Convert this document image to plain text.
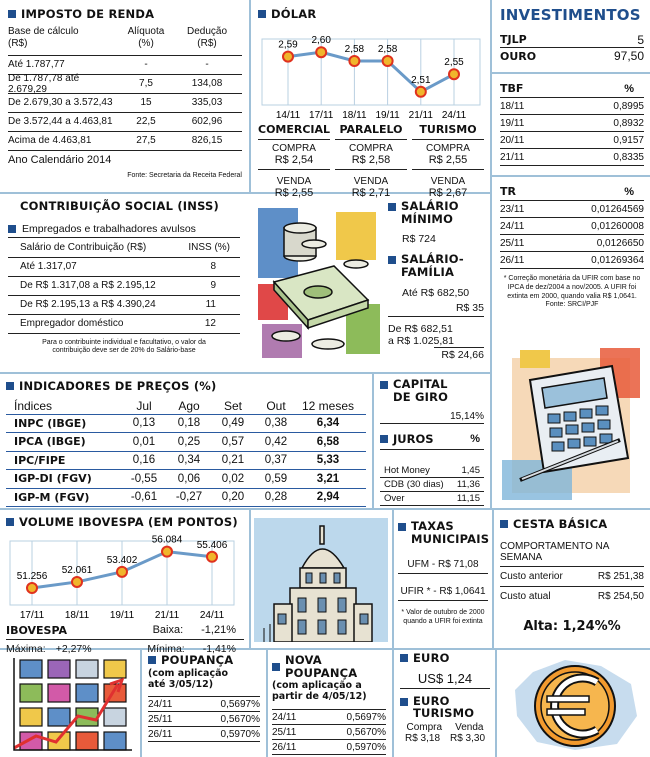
IMPOSTO DE RENDA
Base de cálculo
(R$)
Alíquota
(%)
Dedução
(R$)
Até 1.787,77	-	-
De 1.787,78 até 2.679,29	7,5	134,08
De 2.679,30 a 3.572,43	15	335,03
De 3.572,44 a 4.463,81	22,5	602,96
Acima de 4.463,81	27,5	826,15
Ano Calendário 2014
Fonte: Secretaria da Receita Federal
DÓLAR
2,59
14/11
2,60
17/11
2,58
18/11
2,58
19/11
2,51
21/11
2,55
24/11
COMERCIAL
COMPRA
R$ 2,54
VENDA
R$ 2,55
PARALELO
COMPRA
R$ 2,58
VENDA
R$ 2,71
TURISMO
COMPRA
R$ 2,55
VENDA
R$ 2,67
INVESTIMENTOS
TJLP	5
OURO	97,50
TBF	%
18/11	0,8995
19/11	0,8932
20/11	0,9157
21/11	0,8335
TR	%
23/11	0,01264569
24/11	0,01260008
25/11	0,0126650
26/11	0,01269364
* Correção monetária da UFIR com base no IPCA de dez/2004 a nov/2005. A UFIR foi extinta em 2000, quando valia R$ 1,0641.
Fonte: SRCI/PJF
CONTRIBUIÇÃO SOCIAL (INSS)
Empregados e trabalhadores avulsos
Salário de Contribuição (R$)	INSS (%)
Até 1.317,07	8
De R$ 1.317,08 a R$ 2.195,12	9
De R$ 2.195,13 a R$ 4.390,24	11
Empregador doméstico	12
Para o contribuinte individual e facultativo, o valor da contribuição deve ser de 20% do Salário-base
SALÁRIO MÍNIMO
R$ 724
SALÁRIO-FAMÍLIA
Até R$ 682,50
R$ 35
De R$ 682,51
a R$ 1.025,81
R$ 24,66
INDICADORES DE PREÇOS (%)
Índices	Jul	Ago	Set	Out	12 meses
INPC (IBGE)	0,13	0,18	0,49	0,38	6,34
IPCA (IBGE)	0,01	0,25	0,57	0,42	6,58
IPC/FIPE	0,16	0,34	0,21	0,37	5,33
IGP-DI (FGV)	-0,55	0,06	0,02	0,59	3,21
IGP-M (FGV)	-0,61	-0,27	0,20	0,28	2,94
CAPITAL DE GIRO
15,14%
JUROS	%
Hot Money	1,45
CDB (30 dias) 11,36
Over	11,15
VOLUME IBOVESPA (EM PONTOS)
51.256
17/11
52.061
18/11
53.402
19/11
56.084
21/11
55.406
24/11
IBOVESPA	Baixa: -1,21%
Máxima: +2,27%	Mínima: -1,41%
TAXAS MUNICIPAIS
UFM - R$ 71,08
UFIR * - R$ 1,0641
* Valor de outubro de 2000 quando a UFIR foi extinta
CESTA BÁSICA
COMPORTAMENTO NA SEMANA
Custo anterior	R$ 251,38
Custo atual	R$ 254,50
Alta: 1,24%%
POUPANÇA
(com aplicação até 3/05/12)
24/11	0,5697%
25/11	0,5670%
26/11	0,5970%
NOVA POUPANÇA
(com aplicação a partir de 4/05/12)
24/11	0,5697%
25/11	0,5670%
26/11	0,5970%
EURO
US$ 1,24
EURO TURISMO
Compra Venda
R$ 3,18 R$ 3,30
